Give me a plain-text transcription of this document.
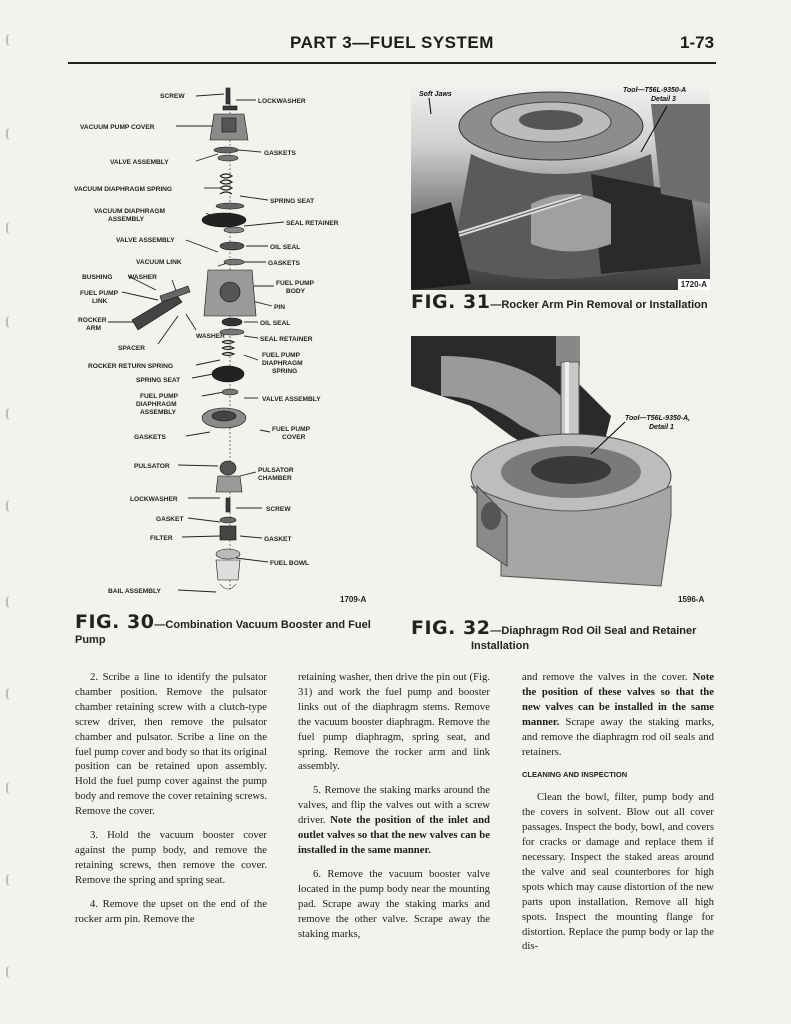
PART 3—FUEL SYSTEM	1-73
SCREW
LOCKWASHER
VACUUM PUMP COVER
GASKETS
VALVE ASSEMBLY
VACUUM DIAPHRAGM SPRING
SPRING SEAT
VACUUM DIAPHRAGM
ASSEMBLY
SEAL RETAINER
VALVE ASSEMBLY
OIL SEAL
VACUUM LINK	GASKETS
BUSHING WASHER
FUEL PUMP
BODY
FUEL PUMP
LINK
PIN
ROCKER
ARM
OIL SEAL
WASHER
SPACER
SEAL RETAINER
FUEL PUMP
DIAPHRAGM
SPRING
ROCKER RETURN SPRING
SPRING SEAT
FUEL PUMP
DIAPHRAGM
ASSEMBLY
VALVE ASSEMBLY
GASKETS
FUEL PUMP
COVER
PULSATOR
PULSATOR
CHAMBER
LOCKWASHER
SCREW
GASKET
FILTER	GASKET
FUEL BOWL
BAIL ASSEMBLY
1709-A
FIG. 30—Combination Vacuum Booster and Fuel Pump
Soft Jaws
Tool—T56L-9350-A
Detail 3
1720-A
FIG. 31—Rocker Arm Pin Removal or Installation
Tool—T56L-9350-A,
Detail 1
1596-A
FIG. 32—Diaphragm Rod Oil Seal and Retainer
Installation

2. Scribe a line to identify the pulsator chamber position. Remove the pulsator chamber retaining screw with a clutch-type screw driver, then remove the pulsator chamber and pulsator. Scribe a line on the fuel pump cover and body so that its original position can be retained upon assembly. Hold the fuel pump cover against the pump body and remove the cover retaining screws. Remove the cover.

3. Hold the vacuum booster cover against the pump body, and remove the retaining screws, then remove the cover. Remove the spring and spring seat.

4. Remove the upset on the end of the rocker arm pin. Remove the

retaining washer, then drive the pin out (Fig. 31) and work the fuel pump and booster links out of the diaphragm stems. Remove the vacuum booster diaphragm. Remove the fuel pump diaphragm, spring seat, and spring. Remove the rocker arm and link assembly.

5. Remove the staking marks around the valves, and flip the valves out with a screw driver. Note the position of the inlet and outlet valves so that the new valves can be installed in the same manner.

6. Remove the vacuum booster valve located in the pump body near the mounting pad. Scrape away the staking marks and remove the other valve. Scrape away the staking marks,

and remove the valves in the cover. Note the position of these valves so that the new valves can be installed in the same manner. Scrape away the staking marks, and remove the diaphragm rod oil seals and retainers.

CLEANING AND INSPECTION

Clean the bowl, filter, pump body and the covers in solvent. Blow out all cover passages. Inspect the body, bowl, and covers for cracks or damage and replace them if necessary. Inspect the staked areas around the valve and seal counterbores for high spots which may cause distortion of the new parts upon installation. Remove all high spots. Inspect the mounting flange for distortion. Replace the pump body or lap the dis-
